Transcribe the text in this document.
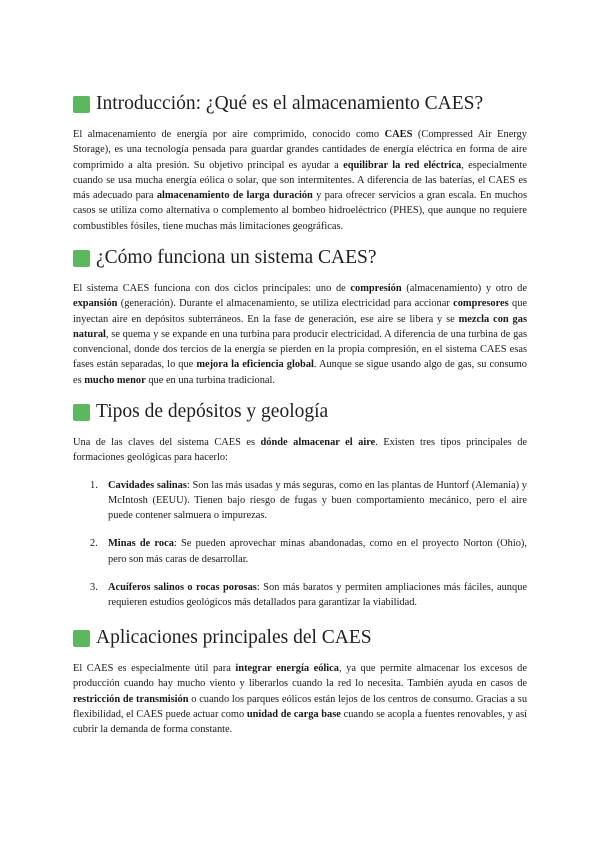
Introducción: ¿Qué es el almacenamiento CAES?

El almacenamiento de energía por aire comprimido, conocido como CAES (Compressed Air Energy Storage), es una tecnología pensada para guardar grandes cantidades de energía eléctrica en forma de aire comprimido a alta presión. Su objetivo principal es ayudar a equilibrar la red eléctrica, especialmente cuando se usa mucha energía eólica o solar, que son intermitentes. A diferencia de las baterías, el CAES es más adecuado para almacenamiento de larga duración y para ofrecer servicios a gran escala. En muchos casos se utiliza como alternativa o complemento al bombeo hidroeléctrico (PHES), que aunque no requiere combustibles fósiles, tiene muchas más limitaciones geográficas.

¿Cómo funciona un sistema CAES?

El sistema CAES funciona con dos ciclos principales: uno de compresión (almacenamiento) y otro de expansión (generación). Durante el almacenamiento, se utiliza electricidad para accionar compresores que inyectan aire en depósitos subterráneos. En la fase de generación, ese aire se libera y se mezcla con gas natural, se quema y se expande en una turbina para producir electricidad. A diferencia de una turbina de gas convencional, donde dos tercios de la energía se pierden en la propia compresión, en el sistema CAES esas fases están separadas, lo que mejora la eficiencia global. Aunque se sigue usando algo de gas, su consumo es mucho menor que en una turbina tradicional.

Tipos de depósitos y geología

Una de las claves del sistema CAES es dónde almacenar el aire. Existen tres tipos principales de formaciones geológicas para hacerlo:

1. Cavidades salinas: Son las más usadas y más seguras, como en las plantas de Huntorf (Alemania) y McIntosh (EEUU). Tienen bajo riesgo de fugas y buen comportamiento mecánico, pero el aire puede contener salmuera o impurezas.
2. Minas de roca: Se pueden aprovechar minas abandonadas, como en el proyecto Norton (Ohio), pero son más caras de desarrollar.
3. Acuíferos salinos o rocas porosas: Son más baratos y permiten ampliaciones más fáciles, aunque requieren estudios geológicos más detallados para garantizar la viabilidad.
Aplicaciones principales del CAES

El CAES es especialmente útil para integrar energía eólica, ya que permite almacenar los excesos de producción cuando hay mucho viento y liberarlos cuando la red lo necesita. También ayuda en casos de restricción de transmisión o cuando los parques eólicos están lejos de los centros de consumo. Gracias a su flexibilidad, el CAES puede actuar como unidad de carga base cuando se acopla a fuentes renovables, y así cubrir la demanda de forma constante.
